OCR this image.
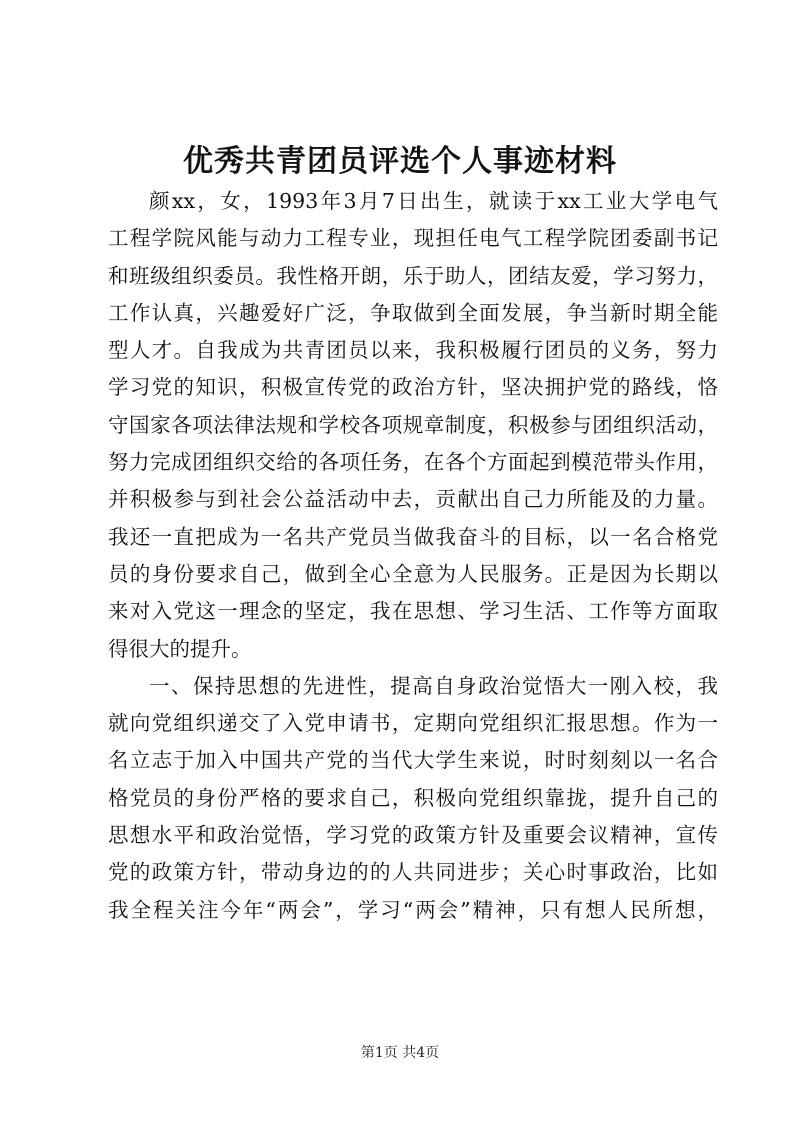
优秀共青团员评选个人事迹材料
颜xx，女，1993年3月7日出生，就读于xx工业大学电气
工程学院风能与动力工程专业，现担任电气工程学院团委副书记
和班级组织委员。我性格开朗，乐于助人，团结友爱，学习努力，
工作认真，兴趣爱好广泛，争取做到全面发展，争当新时期全能
型人才。自我成为共青团员以来，我积极履行团员的义务，努力
学习党的知识，积极宣传党的政治方针，坚决拥护党的路线，恪
守国家各项法律法规和学校各项规章制度，积极参与团组织活动，
努力完成团组织交给的各项任务，在各个方面起到模范带头作用，
并积极参与到社会公益活动中去，贡献出自己力所能及的力量。
我还一直把成为一名共产党员当做我奋斗的目标，以一名合格党
员的身份要求自己，做到全心全意为人民服务。正是因为长期以
来对入党这一理念的坚定，我在思想、学习生活、工作等方面取
得很大的提升。
一、保持思想的先进性，提高自身政治觉悟大一刚入校，我
就向党组织递交了入党申请书，定期向党组织汇报思想。作为一
名立志于加入中国共产党的当代大学生来说，时时刻刻以一名合
格党员的身份严格的要求自己，积极向党组织靠拢，提升自己的
思想水平和政治觉悟，学习党的政策方针及重要会议精神，宣传
党的政策方针，带动身边的的人共同进步；关心时事政治，比如
我全程关注今年“两会”，学习“两会”精神，只有想人民所想，
第1页 共4页
